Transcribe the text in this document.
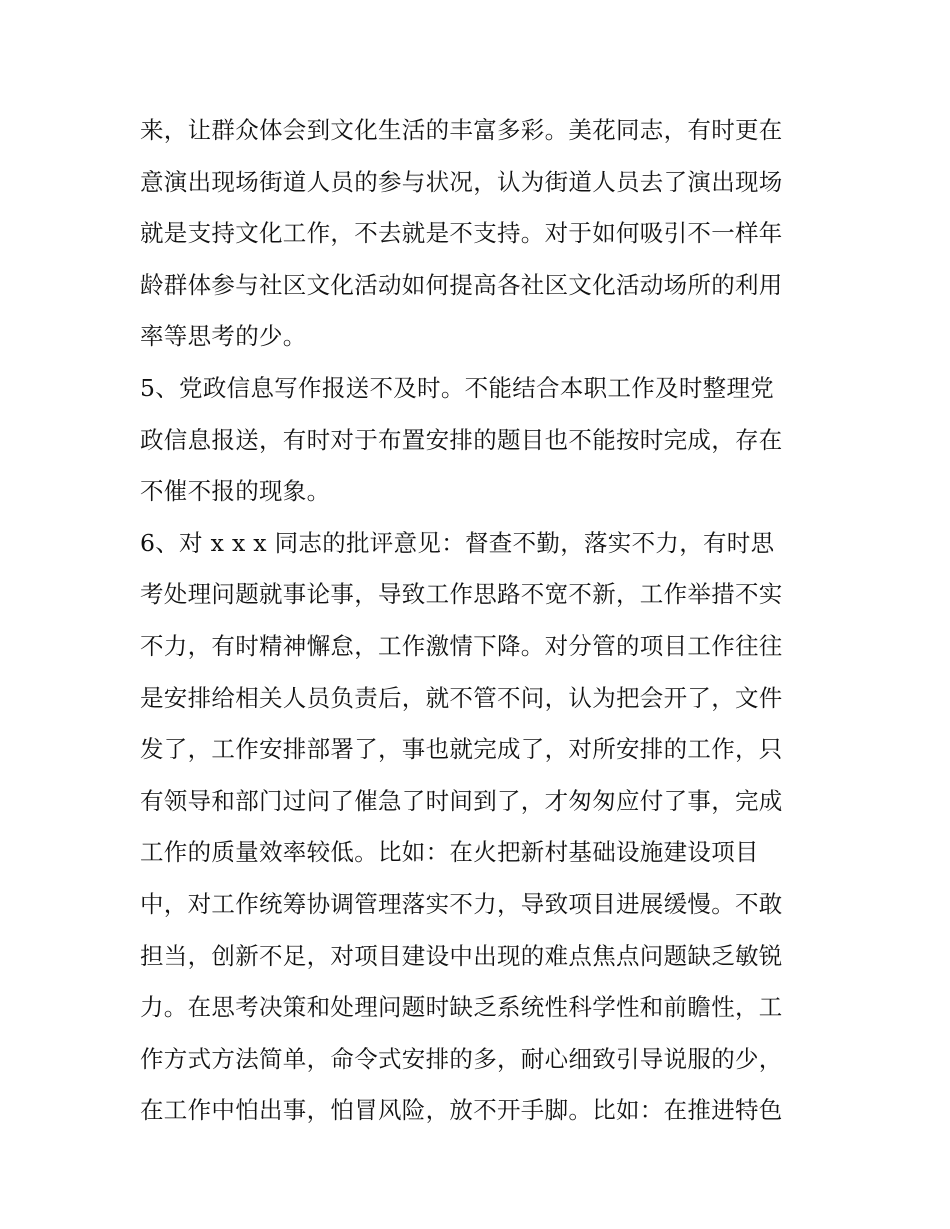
来，让群众体会到文化生活的丰富多彩。美花同志，有时更在
意演出现场街道人员的参与状况，认为街道人员去了演出现场
就是支持文化工作，不去就是不支持。对于如何吸引不一样年
龄群体参与社区文化活动如何提高各社区文化活动场所的利用
率等思考的少。
5、党政信息写作报送不及时。不能结合本职工作及时整理党
政信息报送，有时对于布置安排的题目也不能按时完成，存在
不催不报的现象。
6、对 x x x 同志的批评意见：督查不勤，落实不力，有时思
考处理问题就事论事，导致工作思路不宽不新，工作举措不实
不力，有时精神懈怠，工作激情下降。对分管的项目工作往往
是安排给相关人员负责后，就不管不问，认为把会开了，文件
发了，工作安排部署了，事也就完成了，对所安排的工作，只
有领导和部门过问了催急了时间到了，才匆匆应付了事，完成
工作的质量效率较低。比如：在火把新村基础设施建设项目
中，对工作统筹协调管理落实不力，导致项目进展缓慢。不敢
担当，创新不足，对项目建设中出现的难点焦点问题缺乏敏锐
力。在思考决策和处理问题时缺乏系统性科学性和前瞻性，工
作方式方法简单，命令式安排的多，耐心细致引导说服的少，
在工作中怕出事，怕冒风险，放不开手脚。比如：在推进特色
